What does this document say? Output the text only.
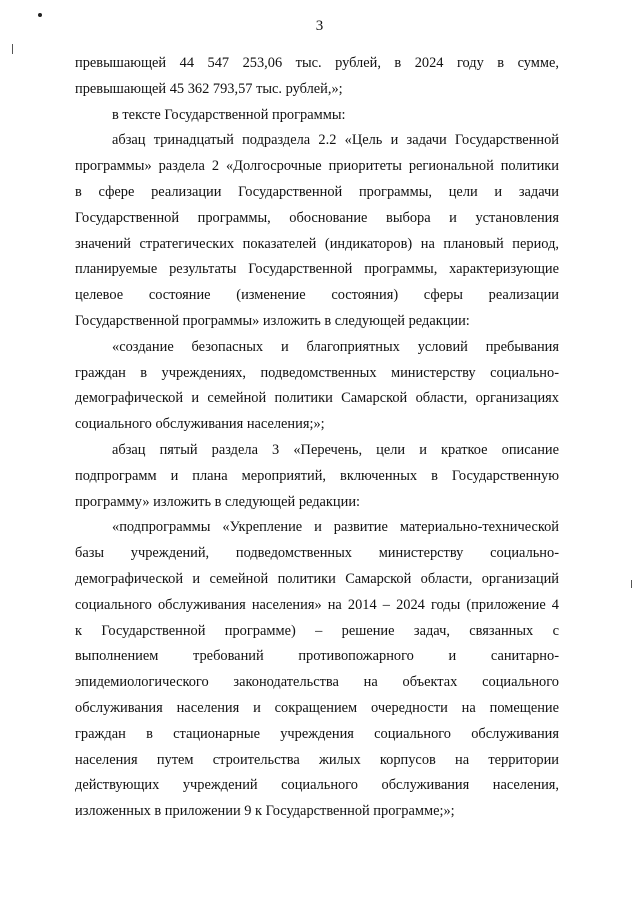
3
превышающей 44 547 253,06 тыс. рублей, в 2024 году в сумме,
превышающей 45 362 793,57 тыс. рублей,»;
в тексте Государственной программы:
абзац тринадцатый подраздела 2.2 «Цель и задачи Государственной
программы» раздела 2 «Долгосрочные приоритеты региональной политики
в сфере реализации Государственной программы, цели и задачи
Государственной программы, обоснование выбора и установления
значений стратегических показателей (индикаторов) на плановый период,
планируемые результаты Государственной программы, характеризующие
целевое состояние (изменение состояния) сферы реализации
Государственной программы» изложить в следующей редакции:
«создание безопасных и благоприятных условий пребывания
граждан в учреждениях, подведомственных министерству социально-
демографической и семейной политики Самарской области, организациях
социального обслуживания населения;»;
абзац пятый раздела 3 «Перечень, цели и краткое описание
подпрограмм и плана мероприятий, включенных в Государственную
программу» изложить в следующей редакции:
«подпрограммы «Укрепление и развитие материально-технической
базы учреждений, подведомственных министерству социально-
демографической и семейной политики Самарской области, организаций
социального обслуживания населения» на 2014 – 2024 годы (приложение 4
к Государственной программе) – решение задач, связанных с
выполнением требований противопожарного и санитарно-
эпидемиологического законодательства на объектах социального
обслуживания населения и сокращением очередности на помещение
граждан в стационарные учреждения социального обслуживания
населения путем строительства жилых корпусов на территории
действующих учреждений социального обслуживания населения,
изложенных в приложении 9 к Государственной программе;»;
